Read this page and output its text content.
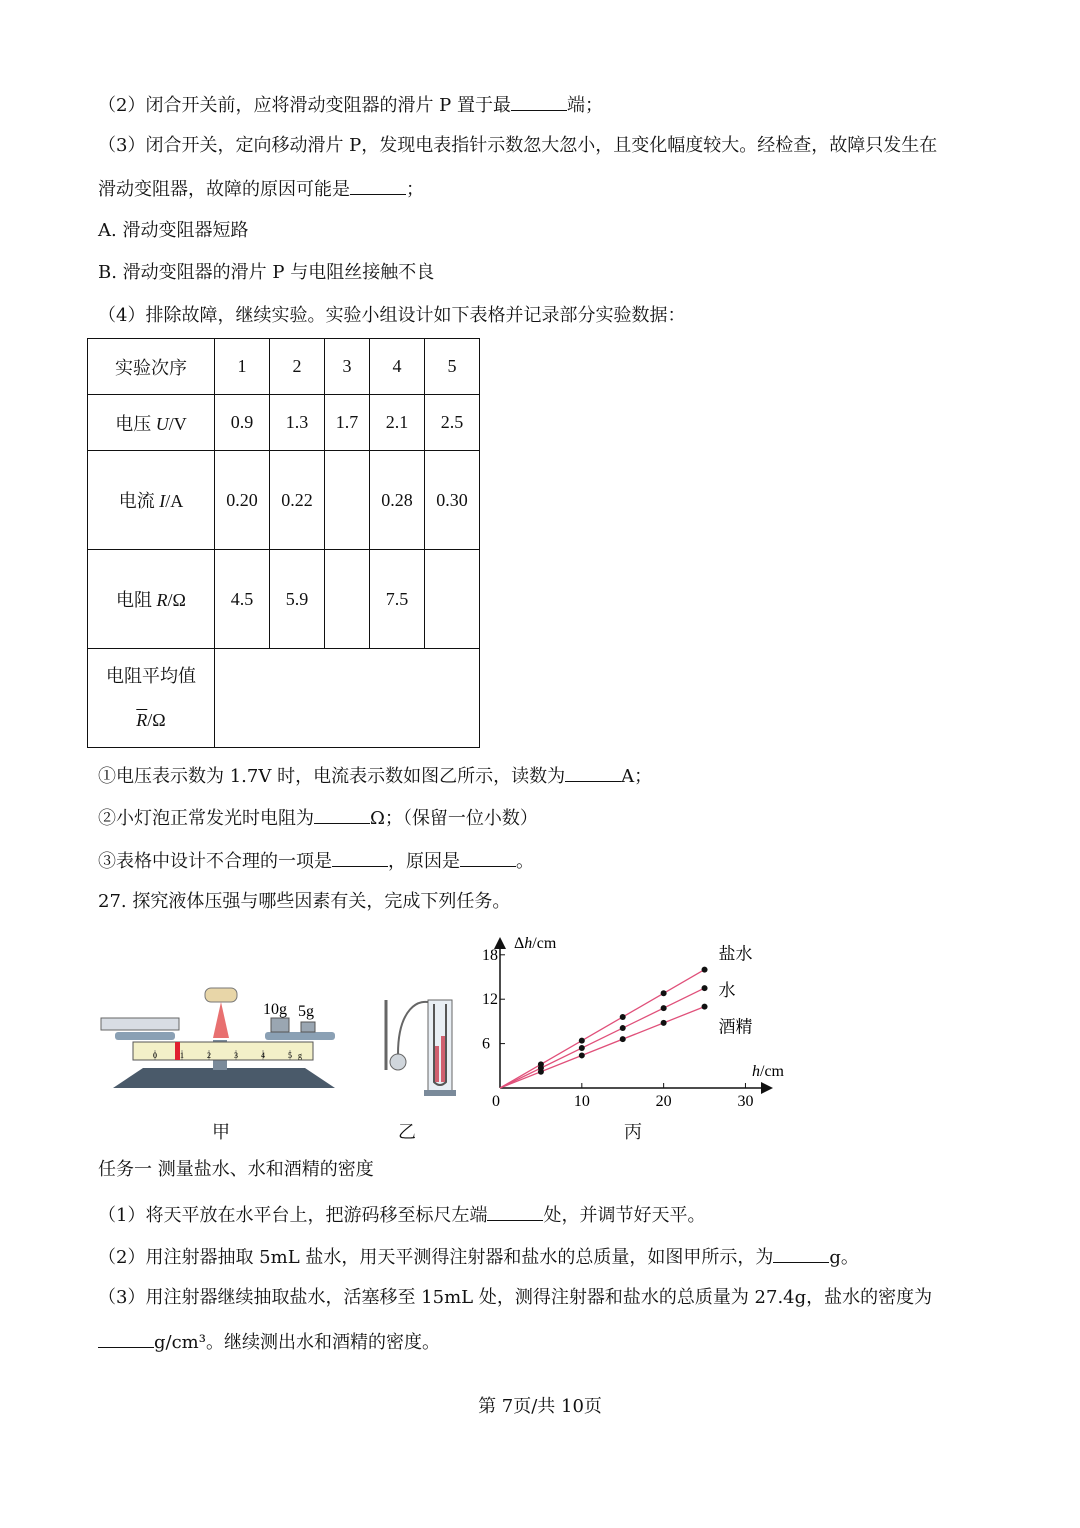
（2）闭合开关前，应将滑动变阻器的滑片 P 置于最	端；
（3）闭合开关，定向移动滑片 P，发现电表指针示数忽大忽小，且变化幅度较大。经检查，故障只发生在
滑动变阻器，故障的原因可能是	；
A. 滑动变阻器短路
B. 滑动变阻器的滑片 P 与电阻丝接触不良
（4）排除故障，继续实验。实验小组设计如下表格并记录部分实验数据：
实验次序	1	2	3	4	5
电压 U/V	0.9	1.3	1.7	2.1	2.5
电流 I/A	0.20	0.22		0.28	0.30
电阻 R/Ω	4.5	5.9		7.5	

电阻平均值
$\overline{R}/\Omega$					

①电压表示数为 1.7V 时，电流表示数如图乙所示，读数为	A；
②小灯泡正常发光时电阻为	Ω；（保留一位小数）
③表格中设计不合理的一项是	，原因是	。
27. 探究液体压强与哪些因素有关，完成下列任务。
0	1	2	3	4	5 g
10g 5g
甲	乙
Δh/cm
h/cm
0	10	20	30
6
12
18	盐水
水
酒精
丙
任务一 测量盐水、水和酒精的密度
（1）将天平放在水平台上，把游码移至标尺左端	处，并调节好天平。
（2）用注射器抽取 5mL 盐水，用天平测得注射器和盐水的总质量，如图甲所示，为	g。
（3）用注射器继续抽取盐水，活塞移至 15mL 处，测得注射器和盐水的总质量为 27.4g，盐水的密度为
g/cm³。继续测出水和酒精的密度。
第 7页/共 10页
